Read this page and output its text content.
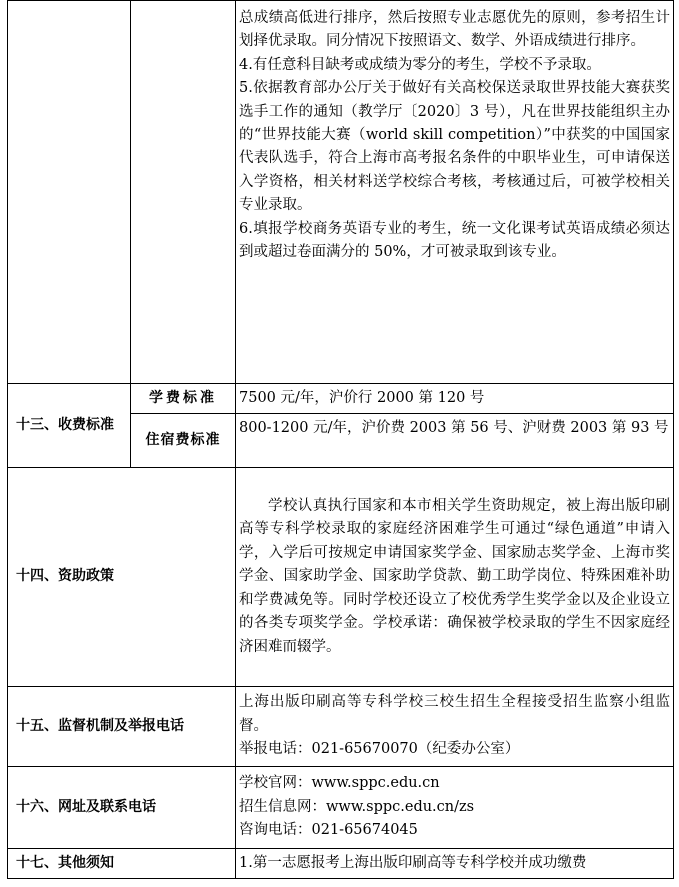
		总成绩高低进行排序，然后按照专业志愿优先的原则，参考招生计划择优录取。同分情况下按照语文、数学、外语成绩进行排序。
4.有任意科目缺考或成绩为零分的考生，学校不予录取。
5.依据教育部办公厅关于做好有关高校保送录取世界技能大赛获奖选手工作的通知（教学厅〔2020〕3 号），凡在世界技能组织主办的“世界技能大赛（world skill competition）”中获奖的中国国家代表队选手，符合上海市高考报名条件的中职毕业生，可申请保送入学资格，相关材料送学校综合考核，考核通过后，可被学校相关专业录取。
6.填报学校商务英语专业的考生，统一文化课考试英语成绩必须达到或超过卷面满分的 50%，才可被录取到该专业。

十三、收费标准	学费标准	7500 元/年，沪价行 2000 第 120 号
	住宿费标准	800-1200 元/年，沪价费 2003 第 56 号、沪财费 2003 第 93 号
十四、资助政策		学校认真执行国家和本市相关学生资助规定，被上海出版印刷高等专科学校录取的家庭经济困难学生可通过“绿色通道”申请入学，入学后可按规定申请国家奖学金、国家励志奖学金、上海市奖学金、国家助学金、国家助学贷款、勤工助学岗位、特殊困难补助和学费减免等。同时学校还设立了校优秀学生奖学金以及企业设立的各类专项奖学金。学校承诺：确保被学校录取的学生不因家庭经济困难而辍学。
十五、监督机制及举报电话		上海出版印刷高等专科学校三校生招生全程接受招生监察小组监督。
举报电话：021-65670070（纪委办公室）

十六、网址及联系电话		学校官网：www.sppc.edu.cn
招生信息网：www.sppc.edu.cn/zs
咨询电话：021-65674045

十七、其他须知		1.第一志愿报考上海出版印刷高等专科学校并成功缴费
